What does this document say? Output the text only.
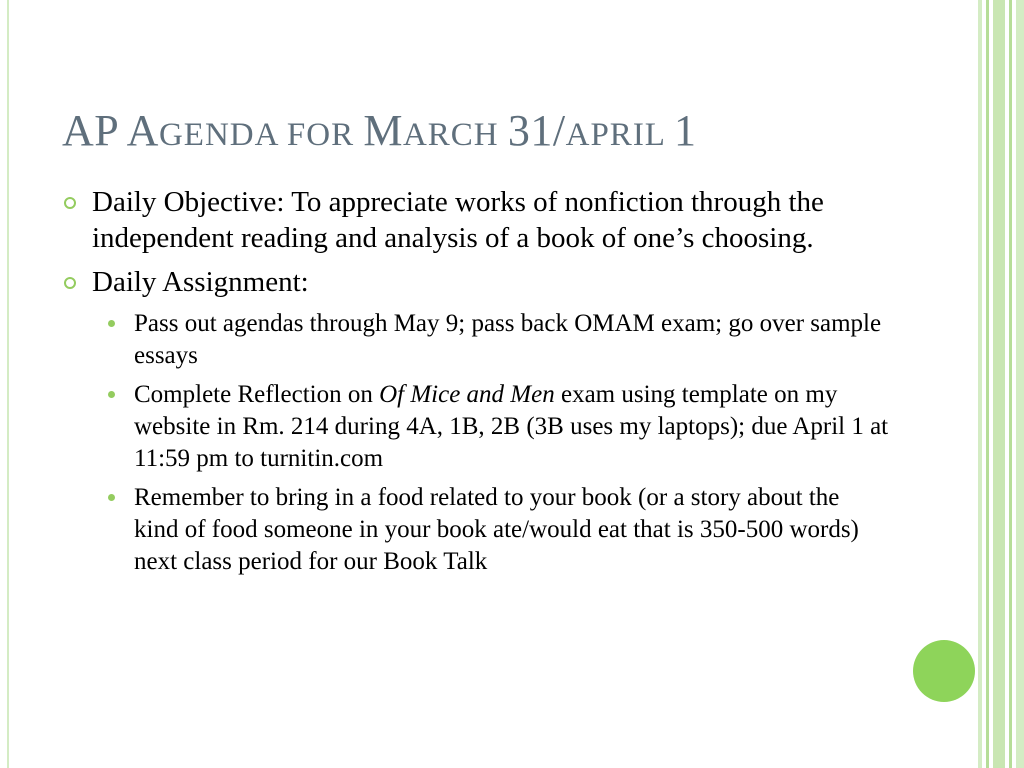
AP AGENDA FOR MARCH 31/APRIL 1
Daily Objective: To appreciate works of nonfiction through the independent reading and analysis of a book of one’s choosing.
Daily Assignment:
Pass out agendas through May 9; pass back OMAM exam; go over sample essays
Complete Reflection on Of Mice and Men exam using template on my website in Rm. 214 during 4A, 1B, 2B (3B uses my laptops); due April 1 at 11:59 pm to turnitin.com
Remember to bring in a food related to your book (or a story about the kind of food someone in your book ate/would eat that is 350-500 words) next class period for our Book Talk
